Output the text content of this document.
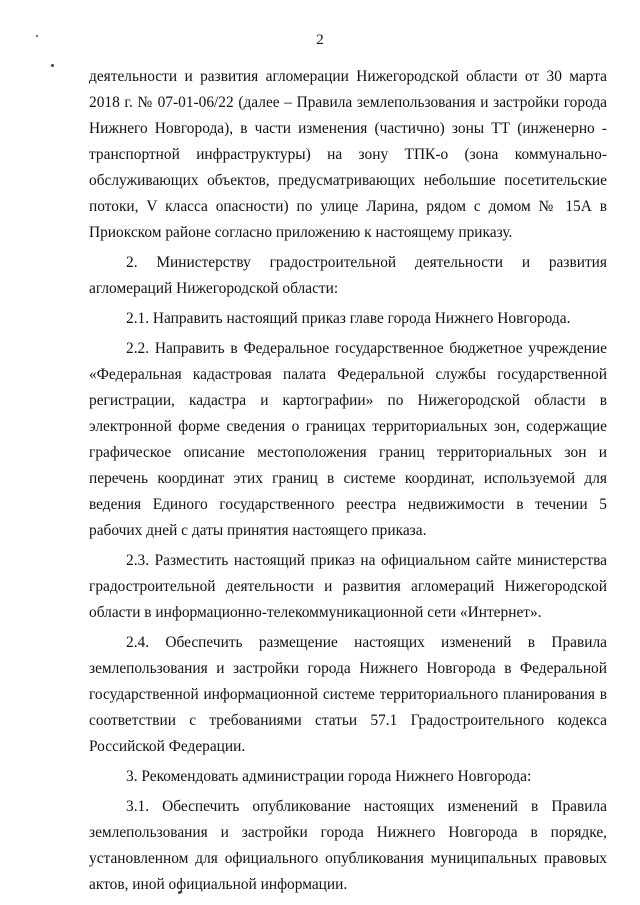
2

деятельности и развития агломерации Нижегородской области от 30 марта 2018 г. № 07-01-06/22 (далее – Правила землепользования и застройки города Нижнего Новгорода), в части изменения (частично) зоны ТТ (инженерно - транспортной инфраструктуры) на зону ТПК-о (зона коммунально-обслуживающих объектов, предусматривающих небольшие посетительские потоки, V класса опасности) по улице Ларина, рядом с домом № 15А в Приокском районе согласно приложению к настоящему приказу.

2. Министерству градостроительной деятельности и развития агломераций Нижегородской области:

2.1. Направить настоящий приказ главе города Нижнего Новгорода.

2.2. Направить в Федеральное государственное бюджетное учреждение «Федеральная кадастровая палата Федеральной службы государственной регистрации, кадастра и картографии» по Нижегородской области в электронной форме сведения о границах территориальных зон, содержащие графическое описание местоположения границ территориальных зон и перечень координат этих границ в системе координат, используемой для ведения Единого государственного реестра недвижимости в течении 5 рабочих дней с даты принятия настоящего приказа.

2.3. Разместить настоящий приказ на официальном сайте министерства градостроительной деятельности и развития агломераций Нижегородской области в информационно-телекоммуникационной сети «Интернет».

2.4. Обеспечить размещение настоящих изменений в Правила землепользования и застройки города Нижнего Новгорода в Федеральной государственной информационной системе территориального планирования в соответствии с требованиями статьи 57.1 Градостроительного кодекса Российской Федерации.

3. Рекомендовать администрации города Нижнего Новгорода:

3.1. Обеспечить опубликование настоящих изменений в Правила землепользования и застройки города Нижнего Новгорода в порядке, установленном для официального опубликования муниципальных правовых актов, иной официальной информации.
